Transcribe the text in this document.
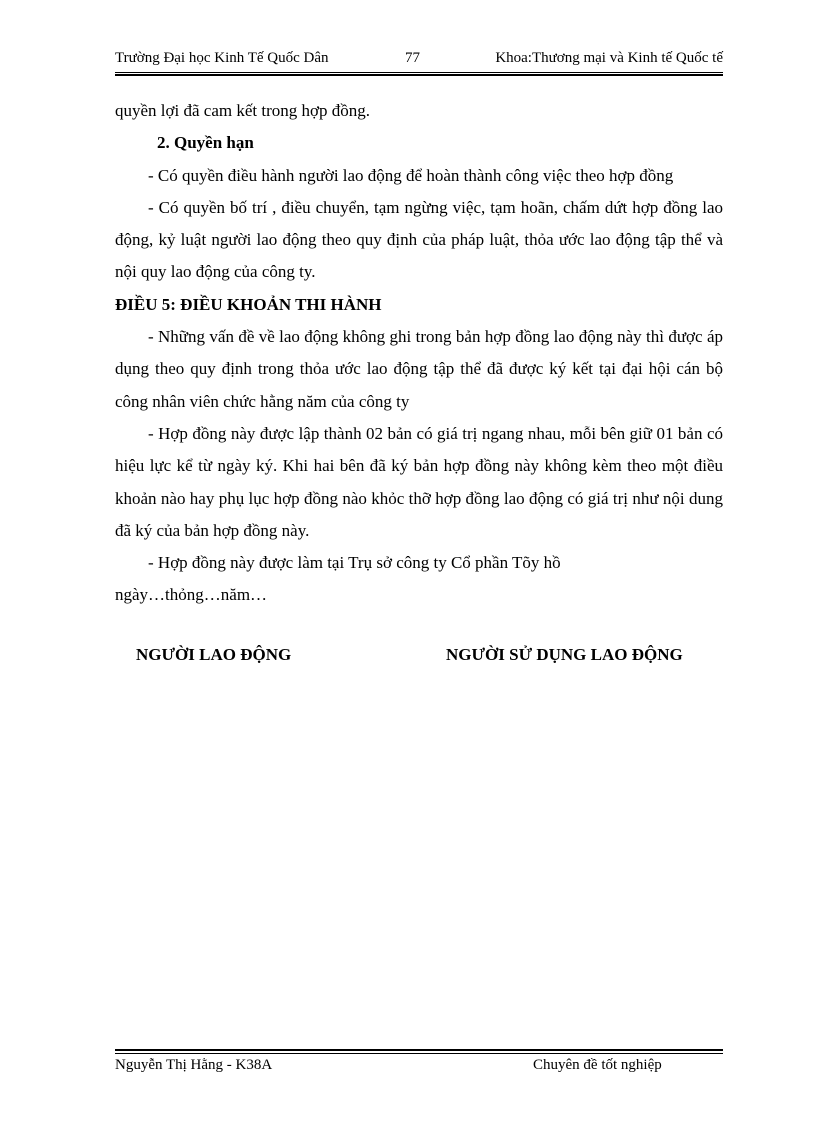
Trường Đại học Kinh Tế Quốc Dân	77	Khoa:Thương mại và Kinh tế Quốc tế

quyền lợi đã cam kết trong hợp đồng.

2. Quyền hạn

- Có quyền điều hành người lao động để hoàn thành công việc theo hợp đồng

- Có quyền bố trí , điều chuyển, tạm ngừng việc, tạm hoãn, chấm dứt hợp đồng lao động, kỷ luật người lao động theo quy định của pháp luật, thỏa ước lao động tập thể và nội quy lao động của công ty.

ĐIỀU 5: ĐIỀU KHOẢN THI HÀNH

- Những vấn đề về lao động không ghi trong bản hợp đồng lao động này thì được áp dụng theo quy định trong thỏa ước lao động tập thể đã được ký kết tại đại hội cán bộ công nhân viên chức hằng năm của công ty

- Hợp đồng này được lập thành 02 bản có giá trị ngang nhau, mỗi bên giữ 01 bản có hiệu lực kể từ ngày ký. Khi hai bên đã ký bản hợp đồng này không kèm theo một điều khoản nào hay phụ lục hợp đồng nào khỏc thỡ hợp đồng lao động có giá trị như nội dung đã ký của bản hợp đồng này.

- Hợp đồng này được làm tại Trụ sở công ty Cổ phần Tõy hồ

ngày…thỏng…năm…

NGƯỜI LAO ĐỘNG	NGƯỜI SỬ DỤNG LAO ĐỘNG
Nguyễn Thị Hằng - K38A	Chuyên đề tốt nghiệp
